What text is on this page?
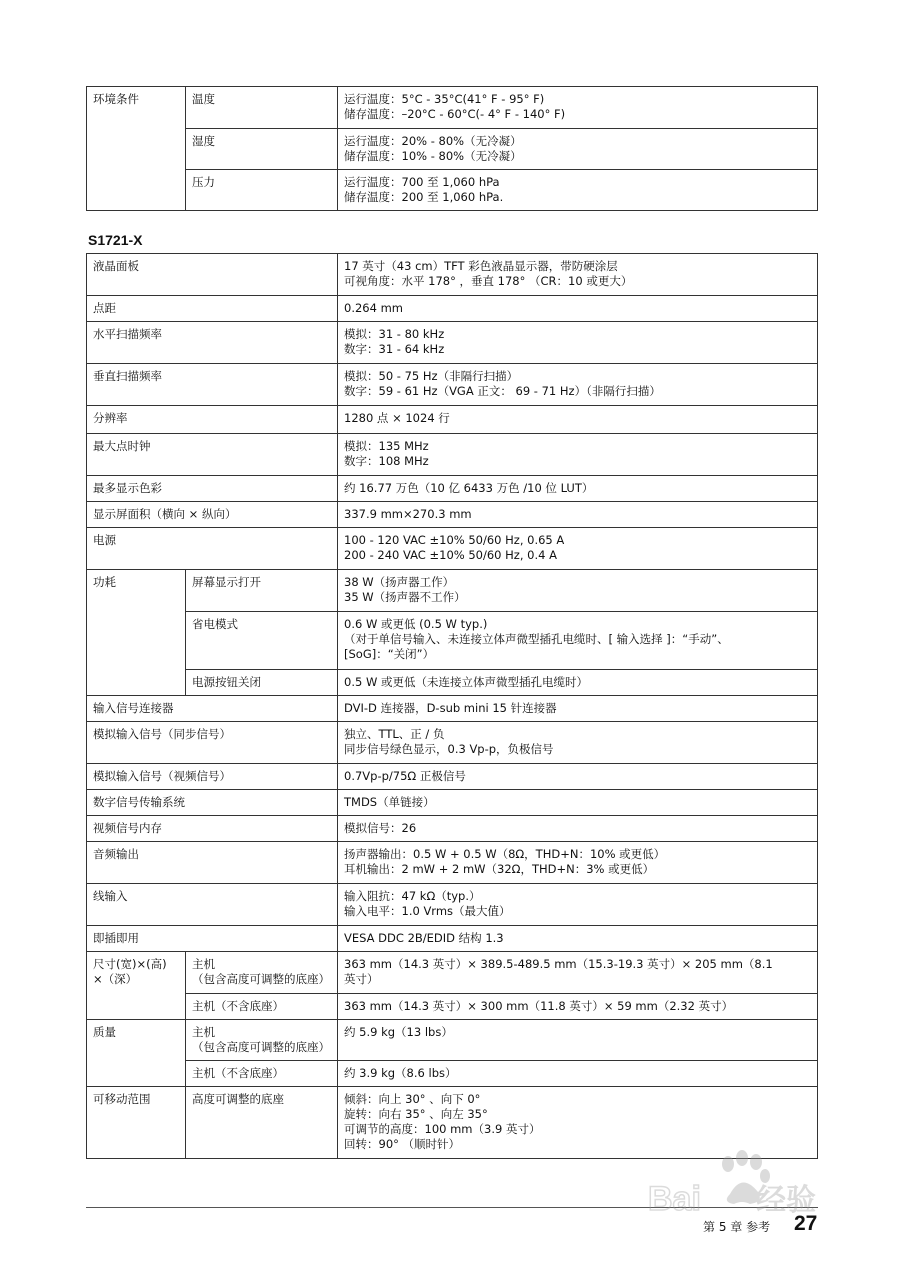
环境条件	温度	运行温度：5°C - 35°C(41° F - 95° F)
储存温度：–20°C - 60°C(- 4° F - 140° F)

	湿度	运行温度：20% - 80%（无冷凝）
储存温度：10% - 80%（无冷凝）

	压力	运行温度：700 至 1,060 hPa
储存温度：200 至 1,060 hPa.
S1721-X
液晶面板		17 英寸（43 cm）TFT 彩色液晶显示器，带防硬涂层
可视角度：水平 178° ，垂直 178° （CR：10 或更大）

点距		0.264 mm

水平扫描频率		模拟：31 - 80 kHz
数字：31 - 64 kHz

垂直扫描频率		模拟：50 - 75 Hz（非隔行扫描）
数字：59 - 61 Hz（VGA 正文： 69 - 71 Hz）（非隔行扫描）

分辨率		1280 点 × 1024 行

最大点时钟		模拟：135 MHz
数字：108 MHz

最多显示色彩		约 16.77 万色（10 亿 6433 万色 /10 位 LUT）

显示屏面积（横向 × 纵向）		337.9 mm×270.3 mm

电源		100 - 120 VAC ±10% 50/60 Hz, 0.65 A
200 - 240 VAC ±10% 50/60 Hz, 0.4 A

功耗	屏幕显示打开	38 W（扬声器工作）
35 W（扬声器不工作）

	省电模式	0.6 W 或更低 (0.5 W typ.)
（对于单信号输入、未连接立体声微型插孔电缆时、[ 输入选择 ]：“手动”、
[SoG]：“关闭”）

	电源按钮关闭	0.5 W 或更低（未连接立体声微型插孔电缆时）

输入信号连接器		DVI-D 连接器，D-sub mini 15 针连接器

模拟输入信号（同步信号）		独立、TTL、正 / 负
同步信号绿色显示，0.3 Vp-p，负极信号

模拟输入信号（视频信号）		0.7Vp-p/75Ω 正极信号

数字信号传输系统		TMDS（单链接）

视频信号内存		模拟信号：26

音频输出		扬声器输出：0.5 W + 0.5 W（8Ω，THD+N：10% 或更低）
耳机输出：2 mW + 2 mW（32Ω，THD+N：3% 或更低）

线输入		输入阻抗：47 kΩ（typ.）
输入电平：1.0 Vrms（最大值）

即插即用		VESA DDC 2B/EDID 结构 1.3

尺寸(宽)×(高)
×（深）	主机
（包含高度可调整的底座）	363 mm（14.3 英寸）× 389.5-489.5 mm（15.3-19.3 英寸）× 205 mm（8.1
英寸）

	主机（不含底座）	363 mm（14.3 英寸）× 300 mm（11.8 英寸）× 59 mm（2.32 英寸）

质量	主机
（包含高度可调整的底座）	约 5.9 kg（13 lbs）

	主机（不含底座）	约 3.9 kg（8.6 lbs）

可移动范围	高度可调整的底座	倾斜：向上 30° 、向下 0°
旋转：向右 35° 、向左 35°
可调节的高度：100 mm（3.9 英寸）
回转：90° （顺时针）
第 5 章 参考 27
Bai 经验
